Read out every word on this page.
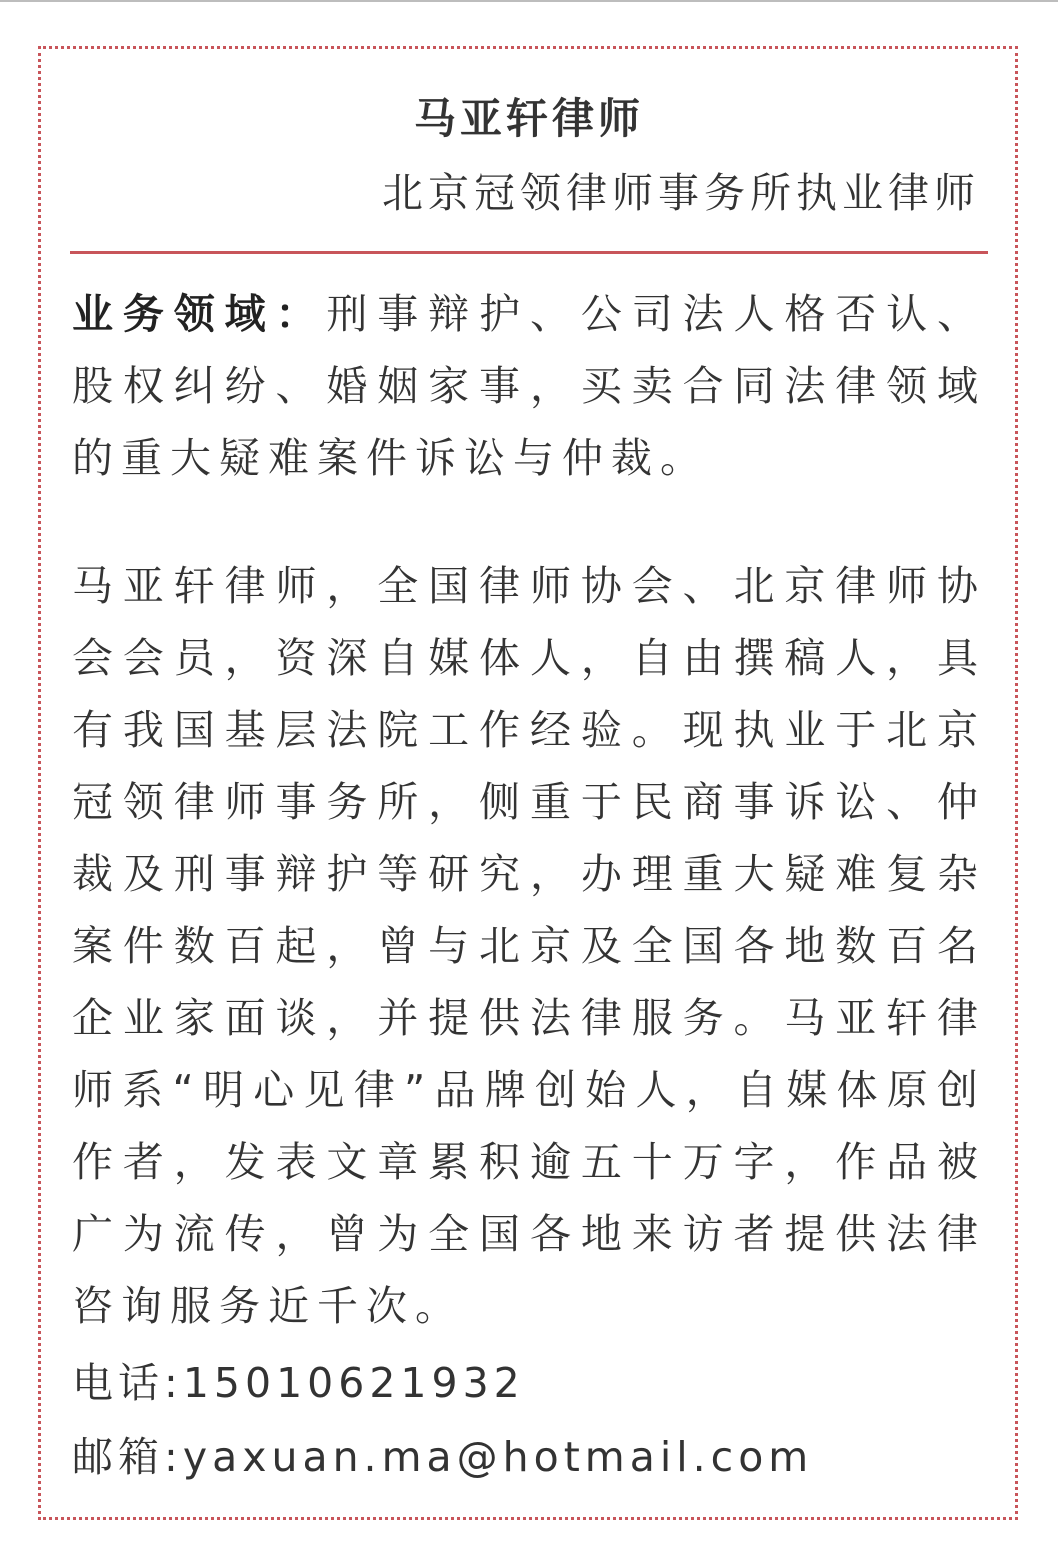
马亚轩律师
北京冠领律师事务所执业律师
业务领域：刑事辩护、公司法人格否认、股权纠纷、婚姻家事，买卖合同法律领域的重大疑难案件诉讼与仲裁。
马亚轩律师，全国律师协会、北京律师协会会员，资深自媒体人，自由撰稿人，具有我国基层法院工作经验。现执业于北京冠领律师事务所，侧重于民商事诉讼、仲裁及刑事辩护等研究，办理重大疑难复杂案件数百起，曾与北京及全国各地数百名企业家面谈，并提供法律服务。马亚轩律师系“明心见律”品牌创始人，自媒体原创作者，发表文章累积逾五十万字，作品被广为流传，曾为全国各地来访者提供法律咨询服务近千次。
电话:15010621932
邮箱:yaxuan.ma@hotmail.com
